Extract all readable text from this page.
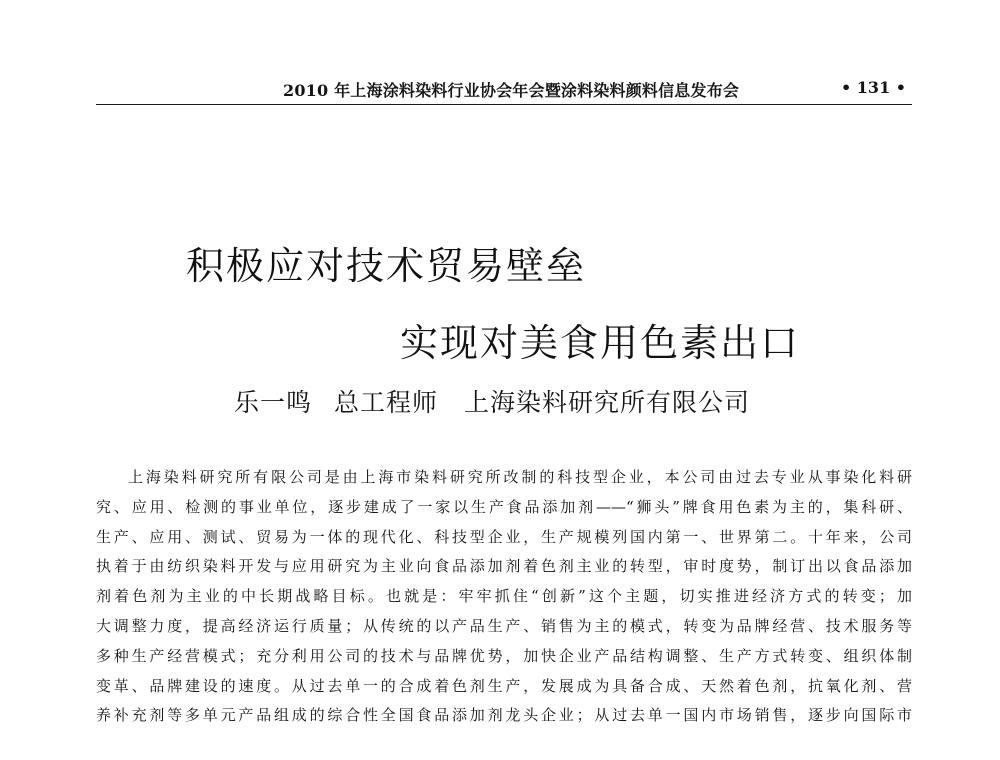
2010 年上海涂料染料行业协会年会暨涂料染料颜料信息发布会	• 131 •
积极应对技术贸易壁垒
实现对美食用色素出口
乐一鸣 总工程师 上海染料研究所有限公司
上海染料研究所有限公司是由上海市染料研究所改制的科技型企业，本公司由过去专业从事染化料研
究、应用、检测的事业单位，逐步建成了一家以生产食品添加剂——“狮头”牌食用色素为主的，集科研、
生产、应用、测试、贸易为一体的现代化、科技型企业，生产规模列国内第一、世界第二。十年来，公司
执着于由纺织染料开发与应用研究为主业向食品添加剂着色剂主业的转型，审时度势，制订出以食品添加
剂着色剂为主业的中长期战略目标。也就是：牢牢抓住“创新”这个主题，切实推进经济方式的转变；加
大调整力度，提高经济运行质量；从传统的以产品生产、销售为主的模式，转变为品牌经营、技术服务等
多种生产经营模式；充分利用公司的技术与品牌优势，加快企业产品结构调整、生产方式转变、组织体制
变革、品牌建设的速度。从过去单一的合成着色剂生产，发展成为具备合成、天然着色剂，抗氧化剂、营
养补充剂等多单元产品组成的综合性全国食品添加剂龙头企业；从过去单一国内市场销售，逐步向国际市
